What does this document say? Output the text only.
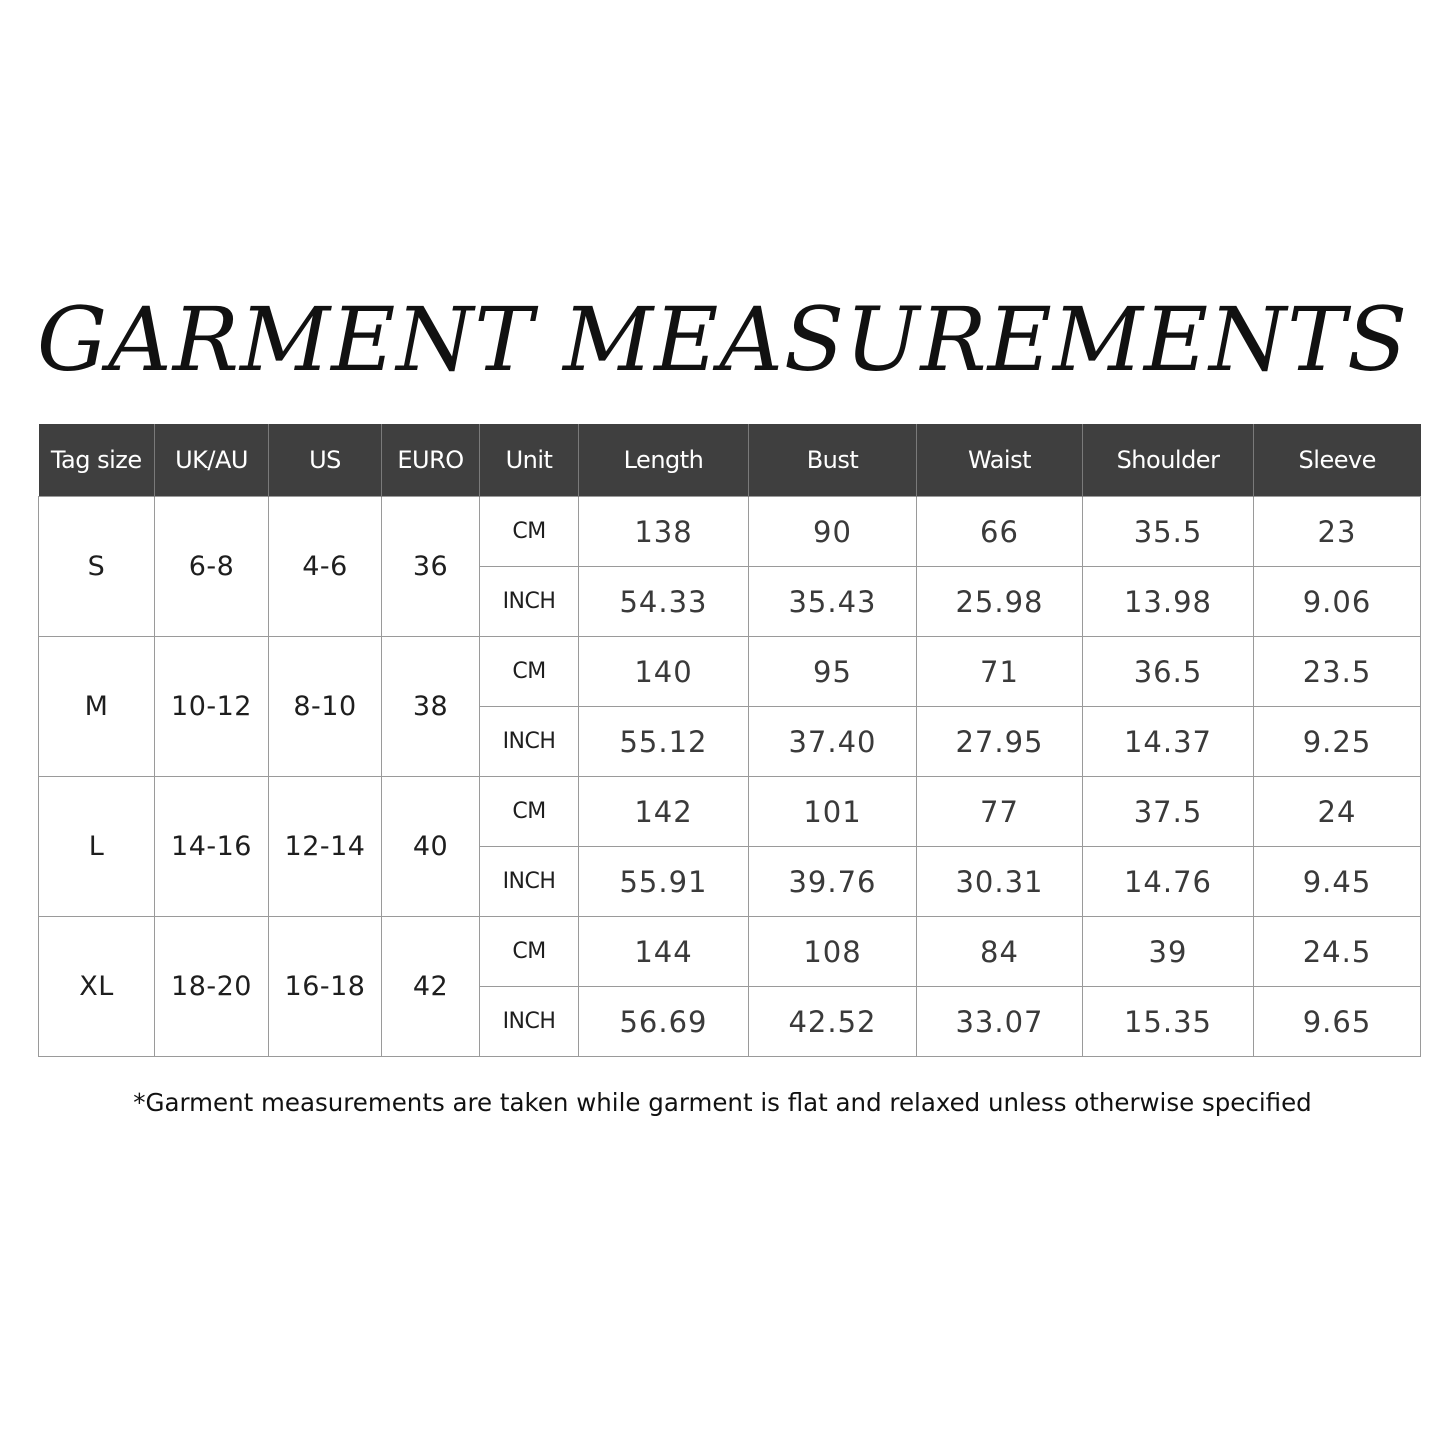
GARMENT MEASUREMENTS
Tag size	UK/AU	US	EURO	Unit	Length	Bust	Waist	Shoulder	Sleeve
S	6-8	4-6	36	CM	138	90	66	35.5	23
				INCH	54.33	35.43	25.98	13.98	9.06
M	10-12	8-10	38	CM	140	95	71	36.5	23.5
				INCH	55.12	37.40	27.95	14.37	9.25
L	14-16	12-14	40	CM	142	101	77	37.5	24
				INCH	55.91	39.76	30.31	14.76	9.45
XL	18-20	16-18	42	CM	144	108	84	39	24.5
				INCH	56.69	42.52	33.07	15.35	9.65
*Garment measurements are taken while garment is flat and relaxed unless otherwise specified
